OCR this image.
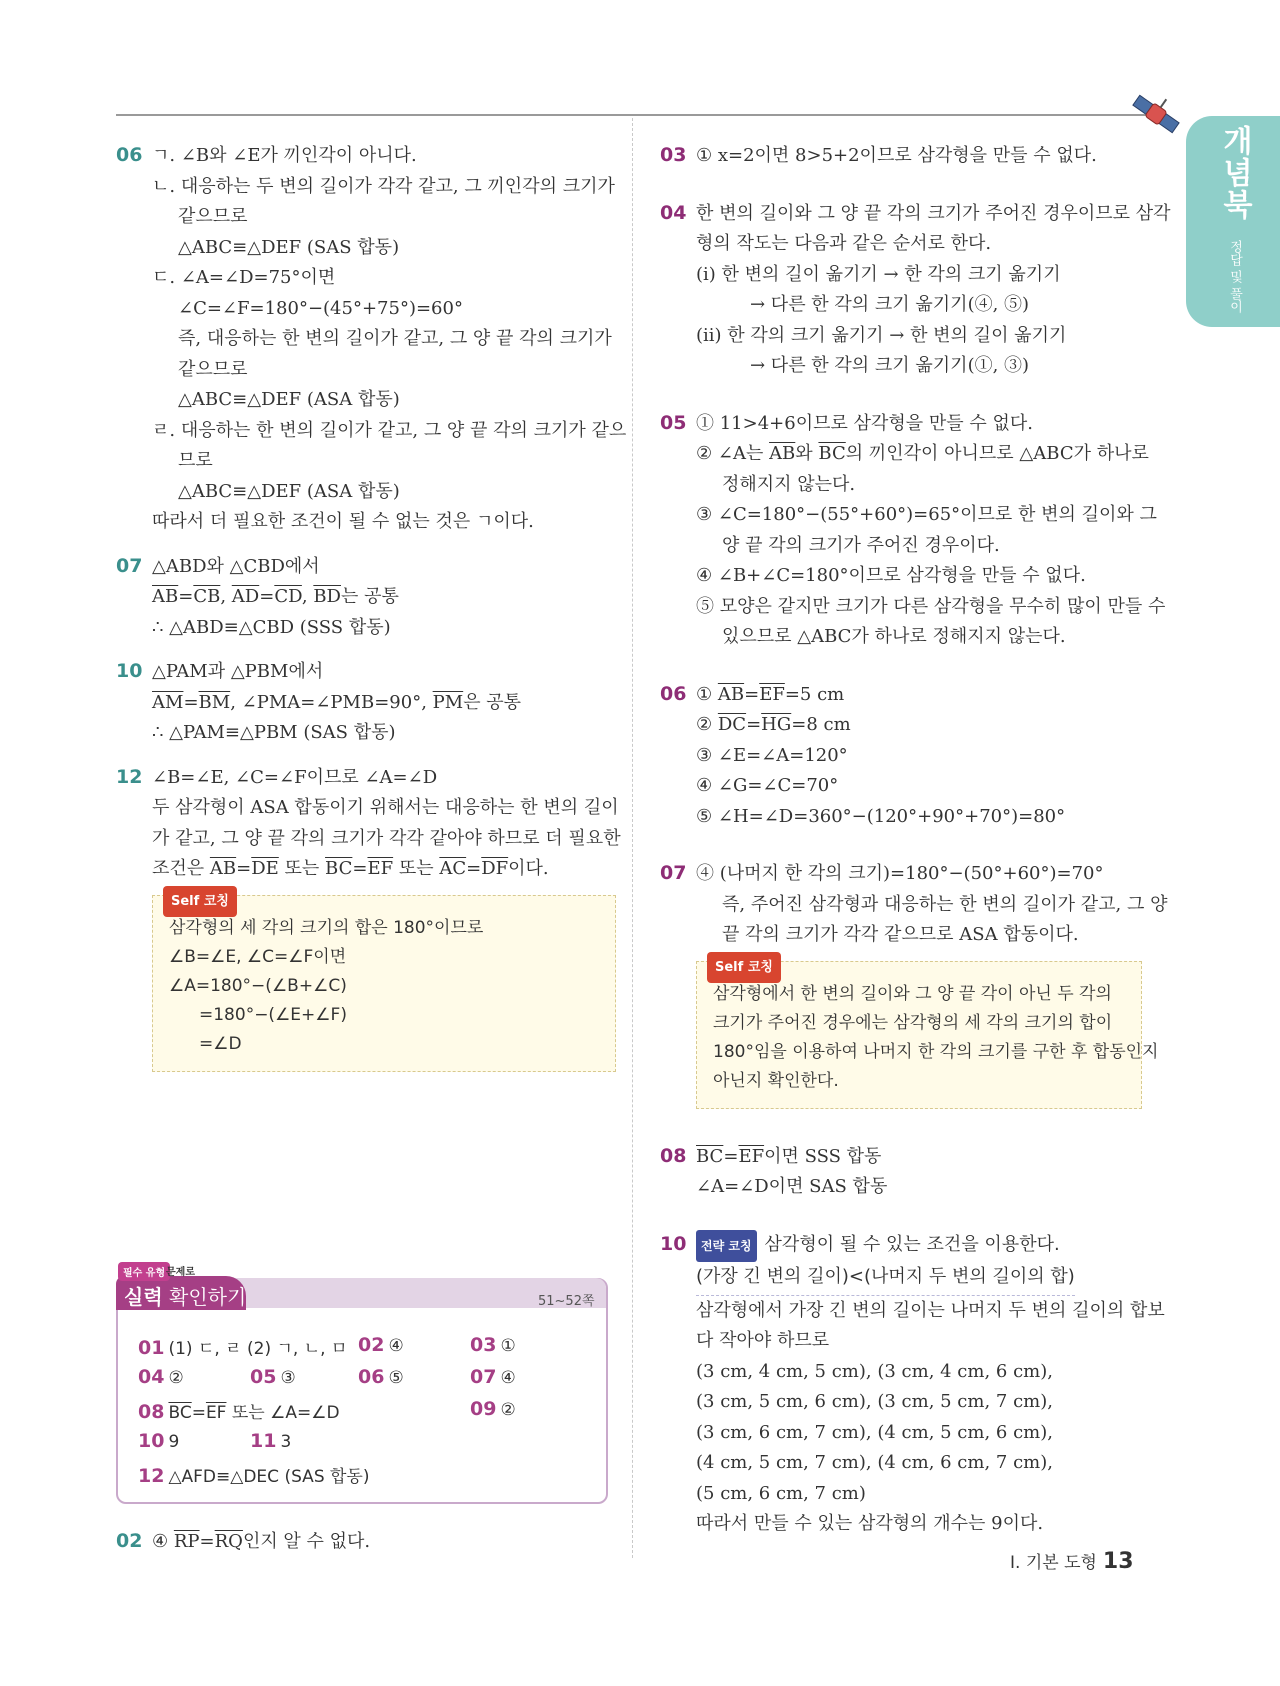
개념북
정답 및 풀이
06 ㄱ. ∠B와 ∠E가 끼인각이 아니다.
ㄴ. 대응하는 두 변의 길이가 각각 같고, 그 끼인각의 크기가
같으므로
△ABC≡△DEF (SAS 합동)
ㄷ. ∠A=∠D=75°이면
∠C=∠F=180°−(45°+75°)=60°
즉, 대응하는 한 변의 길이가 같고, 그 양 끝 각의 크기가
같으므로
△ABC≡△DEF (ASA 합동)
ㄹ. 대응하는 한 변의 길이가 같고, 그 양 끝 각의 크기가 같으
므로
△ABC≡△DEF (ASA 합동)
따라서 더 필요한 조건이 될 수 없는 것은 ㄱ이다.
07 △ABD와 △CBD에서
$\overline{AB}=\overline{CB}$, $\overline{AD}=\overline{CD}$, $\overline{BD}$는 공통
∴ △ABD≡△CBD (SSS 합동)
10 △PAM과 △PBM에서
$\overline{AM}=\overline{BM}$, ∠PMA=∠PMB=90°, $\overline{PM}$은 공통
∴ △PAM≡△PBM (SAS 합동)
12 ∠B=∠E, ∠C=∠F이므로 ∠A=∠D
두 삼각형이 ASA 합동이기 위해서는 대응하는 한 변의 길이
가 같고, 그 양 끝 각의 크기가 각각 같아야 하므로 더 필요한
조건은 $\overline{AB}=\overline{DE}$ 또는 $\overline{BC}=\overline{EF}$ 또는 $\overline{AC}=\overline{DF}$이다.
Self 코칭
삼각형의 세 각의 크기의 합은 180°이므로
∠B=∠E, ∠C=∠F이면
∠A=180°−(∠B+∠C)
=180°−(∠E+∠F)
=∠D
필수 유형 문제로
실력 확인하기	51~52쪽
01 (1) ㄷ, ㄹ (2) ㄱ, ㄴ, ㅁ 02 ④	03 ①
04 ②	05 ③	06 ⑤	07 ④
08 $\overline{BC}=\overline{EF}$ 또는 ∠A=∠D	09 ②
10 9	11 3
12 △AFD≡△DEC (SAS 합동)
02 ④ $\overline{RP}=\overline{RQ}$인지 알 수 없다.
03 ① x=2이면 8>5+2이므로 삼각형을 만들 수 없다.
04 한 변의 길이와 그 양 끝 각의 크기가 주어진 경우이므로 삼각
형의 작도는 다음과 같은 순서로 한다.
(ⅰ) 한 변의 길이 옮기기 → 한 각의 크기 옮기기
→ 다른 한 각의 크기 옮기기(④, ⑤)
(ⅱ) 한 각의 크기 옮기기 → 한 변의 길이 옮기기
→ 다른 한 각의 크기 옮기기(①, ③)
05 ① 11>4+6이므로 삼각형을 만들 수 없다.
② ∠A는 $\overline{AB}$와 $\overline{BC}$의 끼인각이 아니므로 △ABC가 하나로
정해지지 않는다.
③ ∠C=180°−(55°+60°)=65°이므로 한 변의 길이와 그
양 끝 각의 크기가 주어진 경우이다.
④ ∠B+∠C=180°이므로 삼각형을 만들 수 없다.
⑤ 모양은 같지만 크기가 다른 삼각형을 무수히 많이 만들 수
있으므로 △ABC가 하나로 정해지지 않는다.
06 ① $\overline{AB}=\overline{EF}=5$ cm
② $\overline{DC}=\overline{HG}=8$ cm
③ ∠E=∠A=120°
④ ∠G=∠C=70°
⑤ ∠H=∠D=360°−(120°+90°+70°)=80°
07 ④ (나머지 한 각의 크기)=180°−(50°+60°)=70°
즉, 주어진 삼각형과 대응하는 한 변의 길이가 같고, 그 양
끝 각의 크기가 각각 같으므로 ASA 합동이다.
Self 코칭
삼각형에서 한 변의 길이와 그 양 끝 각이 아닌 두 각의
크기가 주어진 경우에는 삼각형의 세 각의 크기의 합이
180°임을 이용하여 나머지 한 각의 크기를 구한 후 합동인지
아닌지 확인한다.
08 $\overline{BC}=\overline{EF}$이면 SSS 합동
∠A=∠D이면 SAS 합동
10 전략 코칭 삼각형이 될 수 있는 조건을 이용한다.
(가장 긴 변의 길이)<(나머지 두 변의 길이의 합)
삼각형에서 가장 긴 변의 길이는 나머지 두 변의 길이의 합보
다 작아야 하므로
(3 cm, 4 cm, 5 cm), (3 cm, 4 cm, 6 cm),
(3 cm, 5 cm, 6 cm), (3 cm, 5 cm, 7 cm),
(3 cm, 6 cm, 7 cm), (4 cm, 5 cm, 6 cm),
(4 cm, 5 cm, 7 cm), (4 cm, 6 cm, 7 cm),
(5 cm, 6 cm, 7 cm)
따라서 만들 수 있는 삼각형의 개수는 9이다.
Ⅰ. 기본 도형 13
